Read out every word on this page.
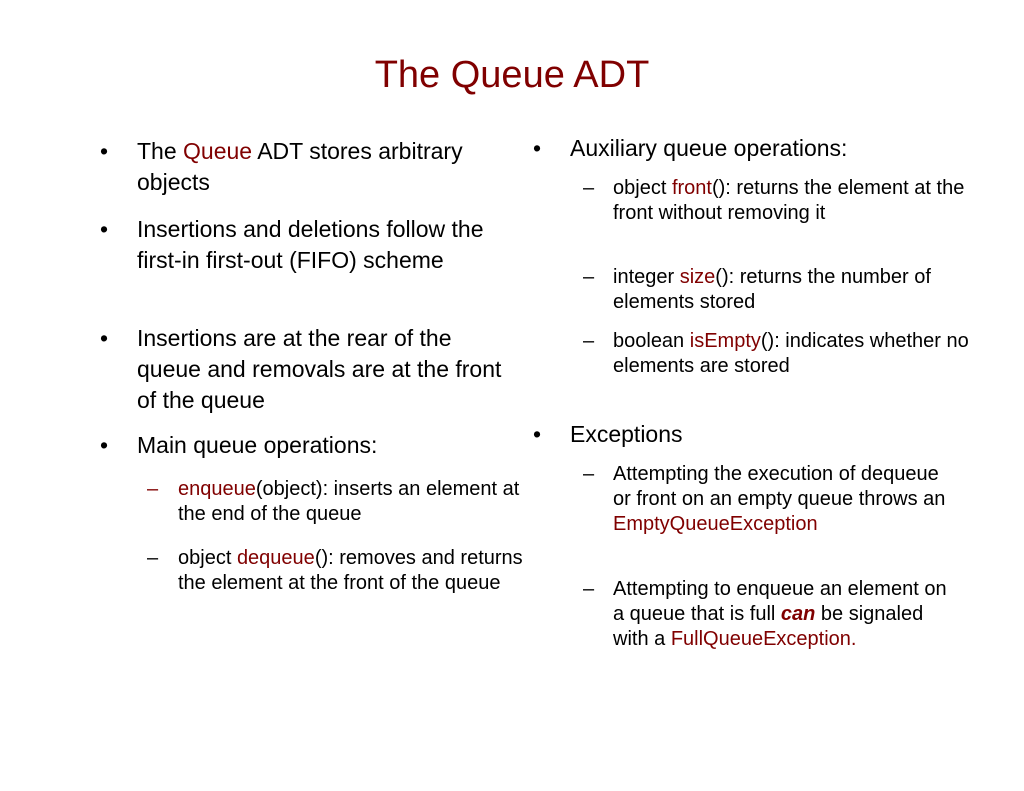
The Queue ADT
• The Queue ADT stores arbitrary objects
• Insertions and deletions follow the first-in first-out (FIFO) scheme
• Insertions are at the rear of the queue and removals are at the front of the queue
• Main queue operations:
– enqueue(object): inserts an element at the end of the queue
– object dequeue(): removes and returns the element at the front of the queue
• Auxiliary queue operations:
– object front(): returns the element at the front without removing it
– integer size(): returns the number of elements stored
– boolean isEmpty(): indicates whether no elements are stored
• Exceptions
– Attempting the execution of dequeue or front on an empty queue throws an EmptyQueueException
– Attempting to enqueue an element on a queue that is full can be signaled with a FullQueueException.
